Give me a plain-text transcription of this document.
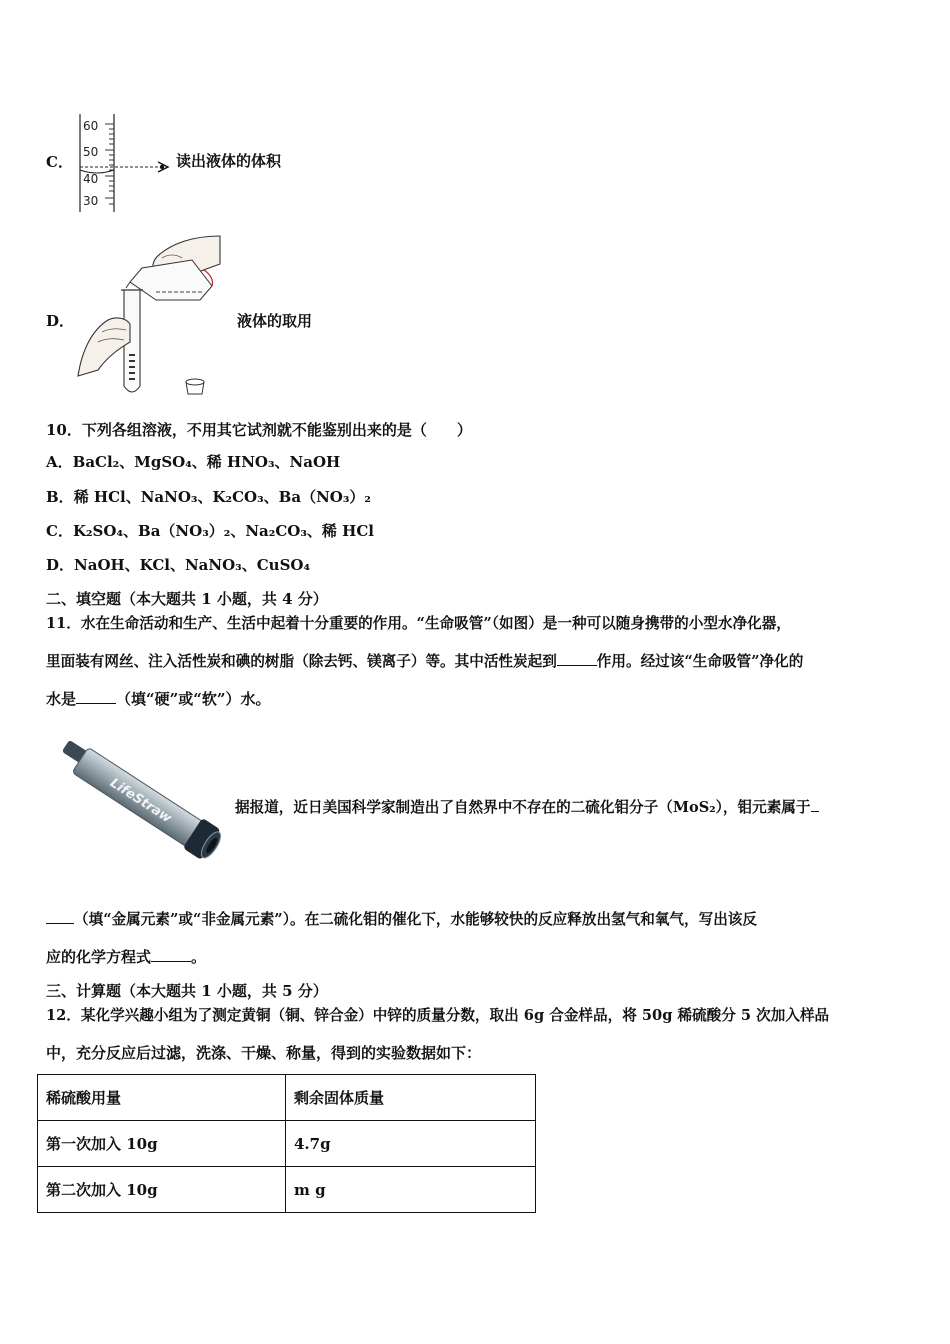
C．
60
50
40
30
读出液体的体积
D．	液体的取用
10．下列各组溶液，不用其它试剂就不能鉴别出来的是（　　）
A．BaCl₂、MgSO₄、稀 HNO₃、NaOH
B．稀 HCl、NaNO₃、K₂CO₃、Ba（NO₃）₂
C．K₂SO₄、Ba（NO₃）₂、Na₂CO₃、稀 HCl
D．NaOH、KCl、NaNO₃、CuSO₄
二、填空题（本大题共 1 小题，共 4 分）
11．水在生命活动和生产、生活中起着十分重要的作用。“生命吸管”（如图）是一种可以随身携带的小型水净化器，
里面装有网丝、注入活性炭和碘的树脂（除去钙、镁离子）等。其中活性炭起到	作用。经过该“生命吸管”净化的
水是	（填“硬”或“软”）水。
LifeStraw	据报道，近日美国科学家制造出了自然界中不存在的二硫化钼分子（MoS₂），钼元素属于
（填“金属元素”或“非金属元素”）。在二硫化钼的催化下，水能够较快的反应释放出氢气和氧气，写出该反
应的化学方程式	。
三、计算题（本大题共 1 小题，共 5 分）
12．某化学兴趣小组为了测定黄铜（铜、锌合金）中锌的质量分数，取出 6g 合金样品，将 50g 稀硫酸分 5 次加入样品
中，充分反应后过滤，洗涤、干燥、称量，得到的实验数据如下：
稀硫酸用量	剩余固体质量
第一次加入 10g	4.7g
第二次加入 10g	m g
